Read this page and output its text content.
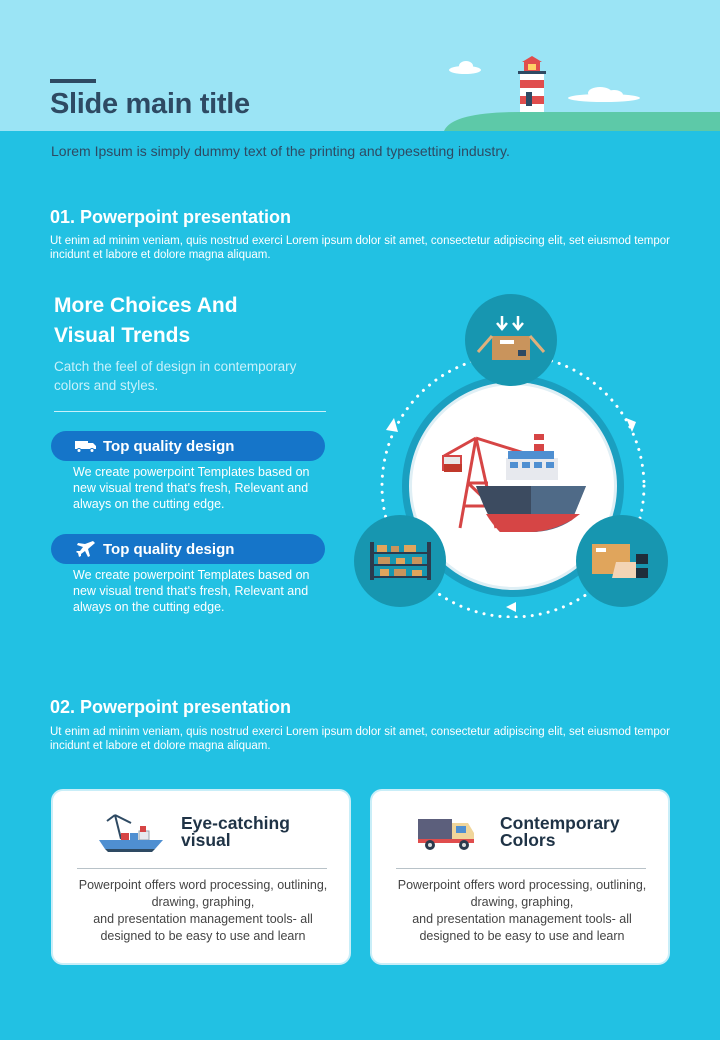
Slide main title
Lorem Ipsum is simply dummy text of the printing and typesetting industry.
01. Powerpoint presentation
Ut enim ad minim veniam, quis nostrud exerci Lorem ipsum dolor sit amet, consectetur adipiscing elit, set eiusmod tempor incidunt et labore et dolore magna aliquam.
More Choices And
Visual Trends
Catch the feel of design in contemporary colors and styles.
Top quality design
We create powerpoint Templates based on new visual trend that's fresh, Relevant and always on the cutting edge.
Top quality design
We create powerpoint Templates based on new visual trend that's fresh, Relevant and always on the cutting edge.
02. Powerpoint presentation
Ut enim ad minim veniam, quis nostrud exerci Lorem ipsum dolor sit amet, consectetur adipiscing elit, set eiusmod tempor incidunt et labore et dolore magna aliquam.
Eye-catching
visual
Powerpoint offers word processing, outlining,
drawing, graphing,
and presentation management tools- all
designed to be easy to use and learn
Contemporary
Colors
Powerpoint offers word processing, outlining,
drawing, graphing,
and presentation management tools- all
designed to be easy to use and learn
